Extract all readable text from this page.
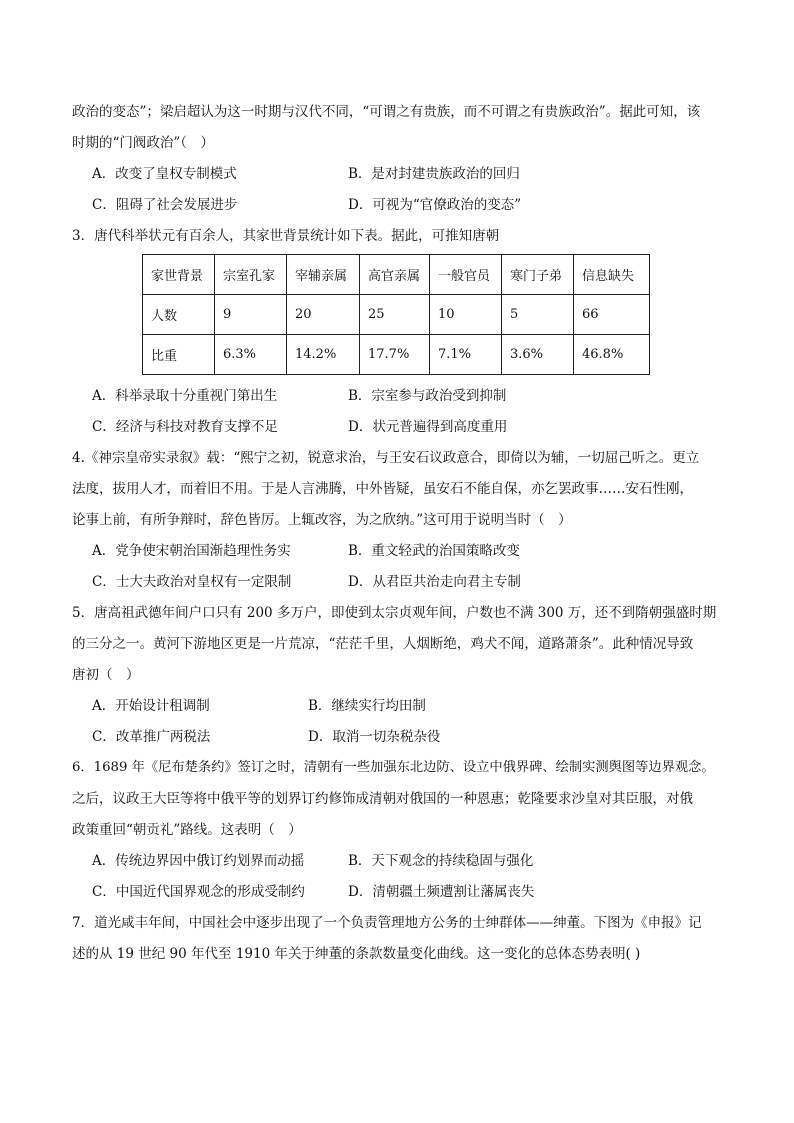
政治的变态”；梁启超认为这一时期与汉代不同，“可谓之有贵族，而不可谓之有贵族政治”。据此可知，该
时期的“门阀政治”（　）
A．改变了皇权专制模式	B．是对封建贵族政治的回归
C．阻碍了社会发展进步	D．可视为“官僚政治的变态”
3．唐代科举状元有百余人，其家世背景统计如下表。据此，可推知唐朝
家世背景	宗室孔家	宰辅亲属	高官亲属	一般官员	寒门子弟	信息缺失
人数	9	20	25	10	5	66
比重	6.3%	14.2%	17.7%	7.1%	3.6%	46.8%
A．科举录取十分重视门第出生	B．宗室参与政治受到抑制
C．经济与科技对教育支撑不足	D．状元普遍得到高度重用
4.《神宗皇帝实录叙》载：“熙宁之初，锐意求治，与王安石议政意合，即倚以为辅，一切屈己听之。更立
法度，拔用人才，而着旧不用。于是人言沸腾，中外皆疑，虽安石不能自保，亦乞罢政事……安石性刚，
论事上前，有所争辩时，辞色皆厉。上辄改容，为之欣纳。”这可用于说明当时（　）
A．党争使宋朝治国渐趋理性务实	B．重文轻武的治国策略改变
C．士大夫政治对皇权有一定限制	D．从君臣共治走向君主专制
5．唐高祖武德年间户口只有 200 多万户，即使到太宗贞观年间，户数也不满 300 万，还不到隋朝强盛时期
的三分之一。黄河下游地区更是一片荒凉，“茫茫千里，人烟断绝，鸡犬不闻，道路萧条”。此种情况导致
唐初（　）
A．开始设计租调制	B．继续实行均田制
C．改革推广两税法	D．取消一切杂税杂役
6．1689 年《尼布楚条约》签订之时，清朝有一些加强东北边防、设立中俄界碑、绘制实测舆图等边界观念。
之后，议政王大臣等将中俄平等的划界订约修饰成清朝对俄国的一种恩惠；乾隆要求沙皇对其臣服，对俄
政策重回“朝贡礼”路线。这表明（　）
A．传统边界因中俄订约划界而动摇	B．天下观念的持续稳固与强化
C．中国近代国界观念的形成受制约	D．清朝疆土频遭割让藩属丧失
7．道光咸丰年间，中国社会中逐步出现了一个负责管理地方公务的士绅群体——绅董。下图为《申报》记
述的从 19 世纪 90 年代至 1910 年关于绅董的条款数量变化曲线。这一变化的总体态势表明( )
